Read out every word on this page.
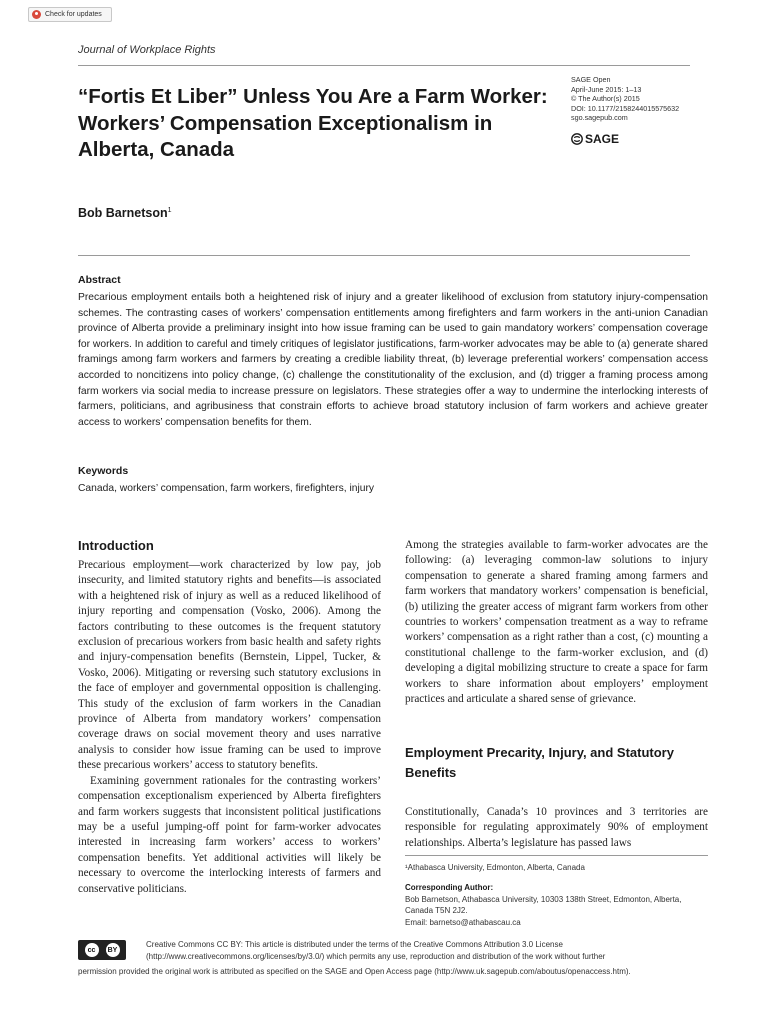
Check for updates
Journal of Workplace Rights
“Fortis Et Liber” Unless You Are a Farm Worker: Workers’ Compensation Exceptionalism in Alberta, Canada
SAGE Open
April-June 2015: 1–13
© The Author(s) 2015
DOI: 10.1177/2158244015575632
sgo.sagepub.com
SAGE
Bob Barnetson$^1$
Abstract
Precarious employment entails both a heightened risk of injury and a greater likelihood of exclusion from statutory injury-compensation schemes. The contrasting cases of workers’ compensation entitlements among firefighters and farm workers in the anti-union Canadian province of Alberta provide a preliminary insight into how issue framing can be used to gain mandatory workers’ compensation coverage for workers. In addition to careful and timely critiques of legislator justifications, farm-worker advocates may be able to (a) generate shared framings among farm workers and farmers by creating a credible liability threat, (b) leverage preferential workers’ compensation access accorded to noncitizens into policy change, (c) challenge the constitutionality of the exclusion, and (d) trigger a framing process among farm workers via social media to increase pressure on legislators. These strategies offer a way to undermine the interlocking interests of farmers, politicians, and agribusiness that constrain efforts to achieve broad statutory inclusion of farm workers and achieve greater access to workers’ compensation benefits for them.
Keywords
Canada, workers’ compensation, farm workers, firefighters, injury
Introduction

Precarious employment—work characterized by low pay, job insecurity, and limited statutory rights and benefits—is associated with a heightened risk of injury as well as a reduced likelihood of injury reporting and compensation (Vosko, 2006). Among the factors contributing to these outcomes is the frequent statutory exclusion of precarious workers from basic health and safety rights and injury-compensation benefits (Bernstein, Lippel, Tucker, & Vosko, 2006). Mitigating or reversing such statutory exclusions in the face of employer and governmental opposition is challenging. This study of the exclusion of farm workers in the Canadian province of Alberta from mandatory workers’ compensation coverage draws on social movement theory and uses narrative analysis to consider how issue framing can be used to improve these precarious workers’ access to statutory benefits.

Examining government rationales for the contrasting workers’ compensation exceptionalism experienced by Alberta firefighters and farm workers suggests that inconsistent political justifications may be a useful jumping-off point for farm-worker advocates interested in increasing farm workers’ access to workers’ compensation benefits. Yet additional activities will likely be necessary to overcome the interlocking interests of farmers and conservative politicians.

Among the strategies available to farm-worker advocates are the following: (a) leveraging common-law solutions to injury compensation to generate a shared framing among farmers and farm workers that mandatory workers’ compensation is beneficial, (b) utilizing the greater access of migrant farm workers from other countries to workers’ compensation treatment as a way to reframe workers’ compensation as a right rather than a cost, (c) mounting a constitutional challenge to the farm-worker exclusion, and (d) developing a digital mobilizing structure to create a space for farm workers to share information about employers’ employment practices and articulate a shared sense of grievance.

Employment Precarity, Injury, and Statutory Benefits

Constitutionally, Canada’s 10 provinces and 3 territories are responsible for regulating approximately 90% of employment relationships. Alberta’s legislature has passed laws

¹Athabasca University, Edmonton, Alberta, Canada
Corresponding Author:
Bob Barnetson, Athabasca University, 10303 138th Street, Edmonton, Alberta, Canada T5N 2J2.
Email: barnetso@athabascau.ca
cc	BY
Creative Commons CC BY: This article is distributed under the terms of the Creative Commons Attribution 3.0 License (http://www.creativecommons.org/licenses/by/3.0/) which permits any use, reproduction and distribution of the work without further
permission provided the original work is attributed as specified on the SAGE and Open Access page (http://www.uk.sagepub.com/aboutus/openaccess.htm).
